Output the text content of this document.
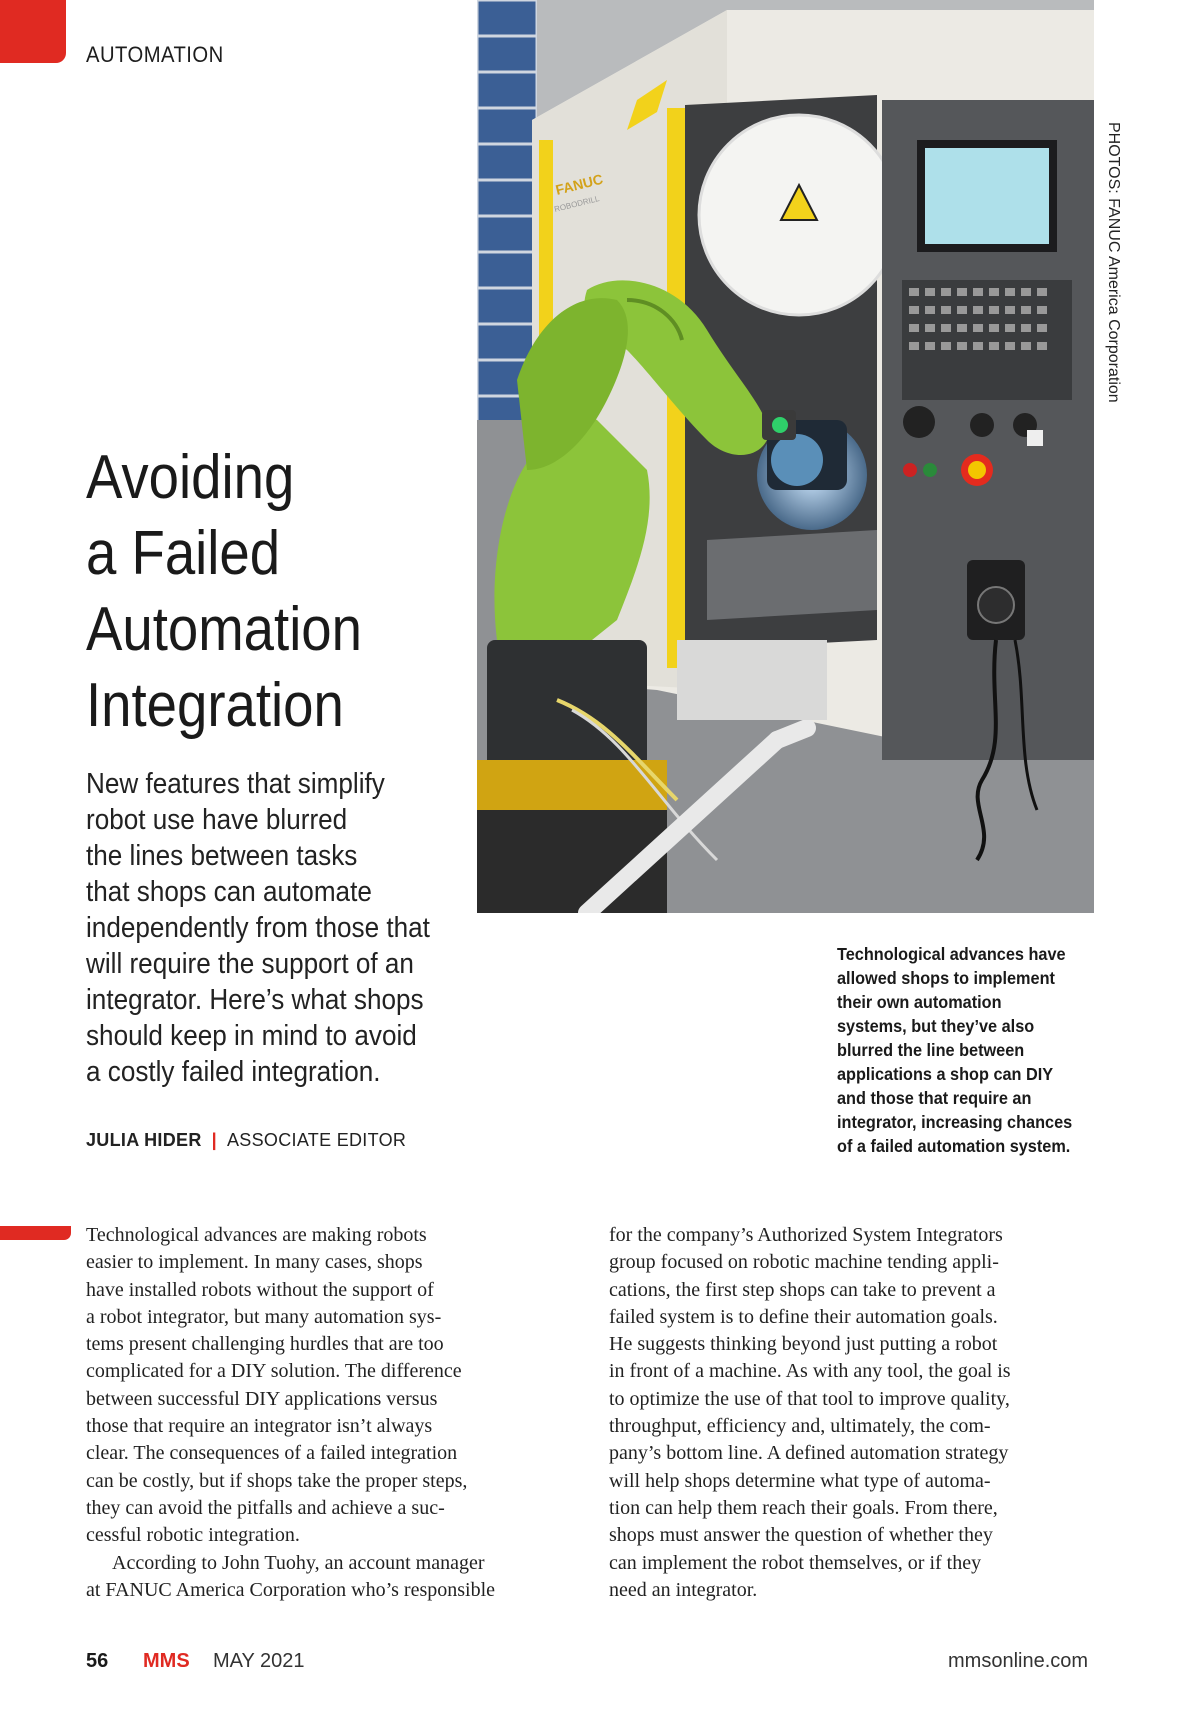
AUTOMATION
Avoiding
a Failed
Automation
Integration
New features that simplify
robot use have blurred
the lines between tasks
that shops can automate
independently from those that
will require the support of an
integrator. Here’s what shops
should keep in mind to avoid
a costly failed integration.
JULIA HIDER | ASSOCIATE EDITOR
FANUC
ROBODRILL	PHOTOS: FANUC America Corporation
Technological advances have
allowed shops to implement
their own automation
systems, but they’ve also
blurred the line between
applications a shop can DIY
and those that require an
integrator, increasing chances
of a failed automation system.
Technological advances are making robots
easier to implement. In many cases, shops
have installed robots without the support of
a robot integrator, but many automation sys-
tems present challenging hurdles that are too
complicated for a DIY solution. The difference
between successful DIY applications versus
those that require an integrator isn’t always
clear. The consequences of a failed integration
can be costly, but if shops take the proper steps,
they can avoid the pitfalls and achieve a suc-
cessful robotic integration.
According to John Tuohy, an account manager
at FANUC America Corporation who’s responsible
for the company’s Authorized System Integrators
group focused on robotic machine tending appli-
cations, the first step shops can take to prevent a
failed system is to define their automation goals.
He suggests thinking beyond just putting a robot
in front of a machine. As with any tool, the goal is
to optimize the use of that tool to improve quality,
throughput, efficiency and, ultimately, the com-
pany’s bottom line. A defined automation strategy
will help shops determine what type of automa-
tion can help them reach their goals. From there,
shops must answer the question of whether they
can implement the robot themselves, or if they
need an integrator.
56 MMS MAY 2021	mmsonline.com
